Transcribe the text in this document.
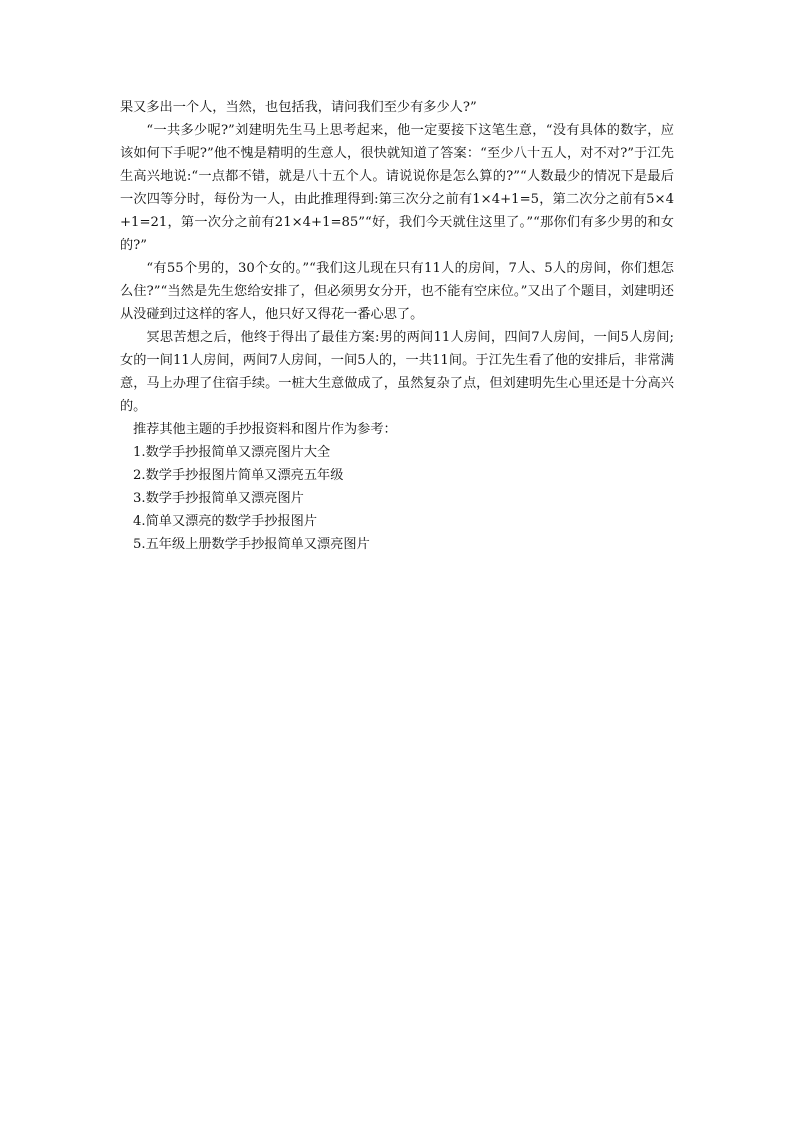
果又多出一个人，当然，也包括我，请问我们至少有多少人?”

“一共多少呢?”刘建明先生马上思考起来，他一定要接下这笔生意，“没有具体的数字，应该如何下手呢?”他不愧是精明的生意人，很快就知道了答案：“至少八十五人，对不对?”于江先生高兴地说:“一点都不错，就是八十五个人。请说说你是怎么算的?”“人数最少的情况下是最后一次四等分时，每份为一人，由此推理得到:第三次分之前有1×4+1=5，第二次分之前有5×4+1=21，第一次分之前有21×4+1=85”“好，我们今天就住这里了。”“那你们有多少男的和女的?”

“有55个男的，30个女的。”“我们这儿现在只有11人的房间，7人、5人的房间，你们想怎么住?”“当然是先生您给安排了，但必须男女分开，也不能有空床位。”又出了个题目，刘建明还从没碰到过这样的客人，他只好又得花一番心思了。

冥思苦想之后，他终于得出了最佳方案:男的两间11人房间，四间7人房间，一间5人房间;女的一间11人房间，两间7人房间，一间5人的，一共11间。于江先生看了他的安排后，非常满意，马上办理了住宿手续。一桩大生意做成了，虽然复杂了点，但刘建明先生心里还是十分高兴的。

推荐其他主题的手抄报资料和图片作为参考：

1.数学手抄报简单又漂亮图片大全
2.数学手抄报图片简单又漂亮五年级
3.数学手抄报简单又漂亮图片
4.简单又漂亮的数学手抄报图片
5.五年级上册数学手抄报简单又漂亮图片
